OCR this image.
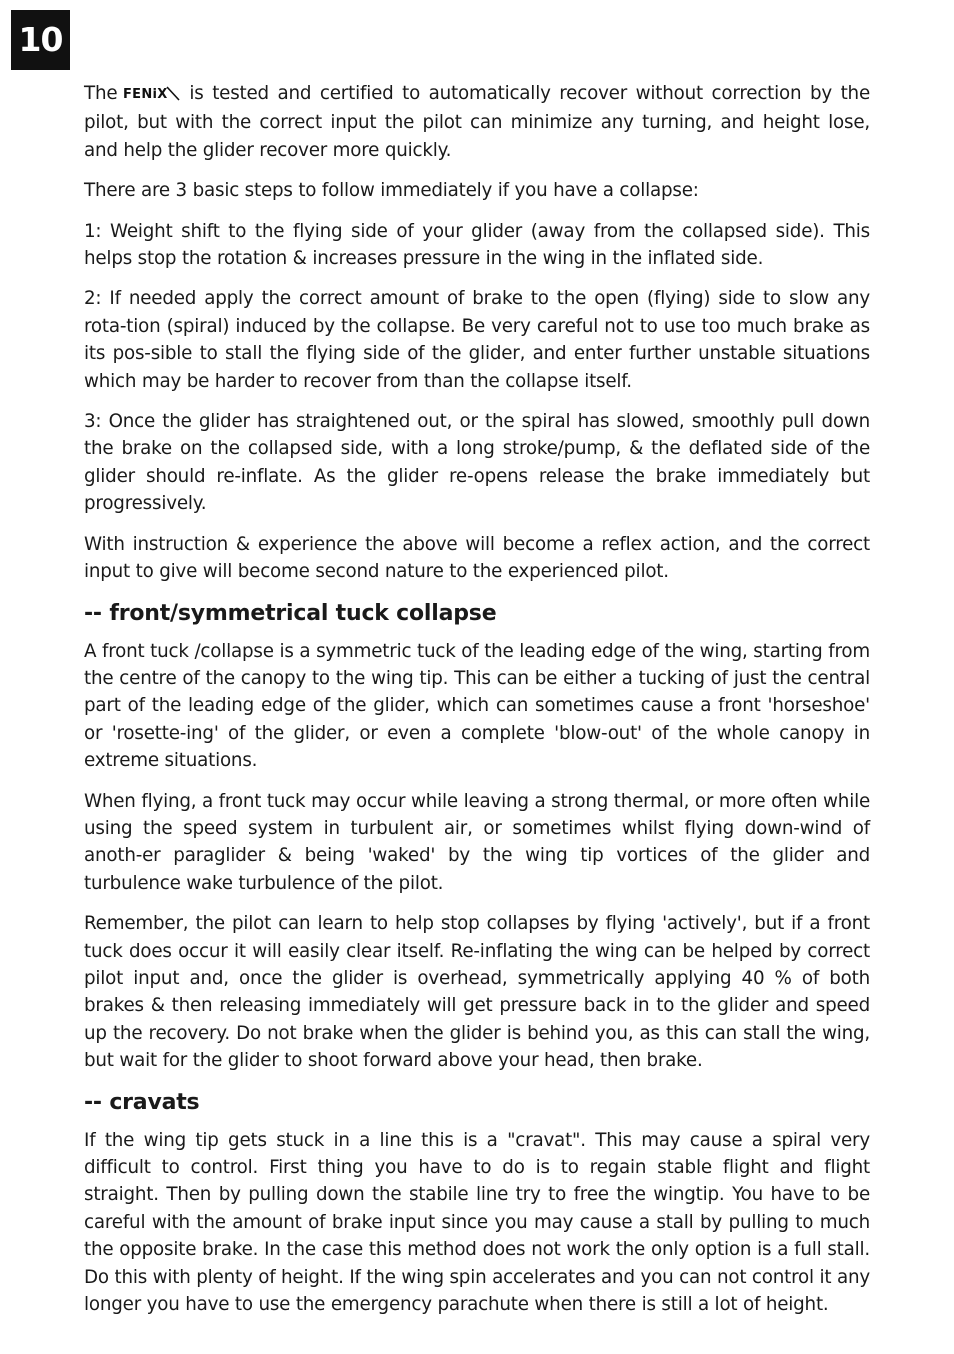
10

The FENiX is tested and certified to automatically recover without correction by the pilot, but with the correct input the pilot can minimize any turning, and height lose, and help the glider recover more quickly.

There are 3 basic steps to follow immediately if you have a collapse:

1: Weight shift to the flying side of your glider (away from the collapsed side). This helps stop the rotation & increases pressure in the wing in the inflated side.

2: If needed apply the correct amount of brake to the open (flying) side to slow any rota-tion (spiral) induced by the collapse. Be very careful not to use too much brake as its pos-sible to stall the flying side of the glider, and enter further unstable situations which may be harder to recover from than the collapse itself.

3: Once the glider has straightened out, or the spiral has slowed, smoothly pull down the brake on the collapsed side, with a long stroke/pump, & the deflated side of the glider should re-inflate. As the glider re-opens release the brake immediately but progressively.

With instruction & experience the above will become a reflex action, and the correct input to give will become second nature to the experienced pilot.

-- front/symmetrical tuck collapse

A front tuck /collapse is a symmetric tuck of the leading edge of the wing, starting from the centre of the canopy to the wing tip. This can be either a tucking of just the central part of the leading edge of the glider, which can sometimes cause a front 'horseshoe' or 'rosette-ing' of the glider, or even a complete 'blow-out' of the whole canopy in extreme situations.

When flying, a front tuck may occur while leaving a strong thermal, or more often while using the speed system in turbulent air, or sometimes whilst flying down-wind of anoth-er paraglider & being 'waked' by the wing tip vortices of the glider and turbulence wake turbulence of the pilot.

Remember, the pilot can learn to help stop collapses by flying 'actively', but if a front tuck does occur it will easily clear itself. Re-inflating the wing can be helped by correct pilot input and, once the glider is overhead, symmetrically applying 40 % of both brakes & then releasing immediately will get pressure back in to the glider and speed up the recovery. Do not brake when the glider is behind you, as this can stall the wing, but wait for the glider to shoot forward above your head, then brake.

-- cravats

If the wing tip gets stuck in a line this is a "cravat". This may cause a spiral very difficult to control. First thing you have to do is to regain stable flight and flight straight. Then by pulling down the stabile line try to free the wingtip. You have to be careful with the amount of brake input since you may cause a stall by pulling to much the opposite brake. In the case this method does not work the only option is a full stall. Do this with plenty of height. If the wing spin accelerates and you can not control it any longer you have to use the emergency parachute when there is still a lot of height.
